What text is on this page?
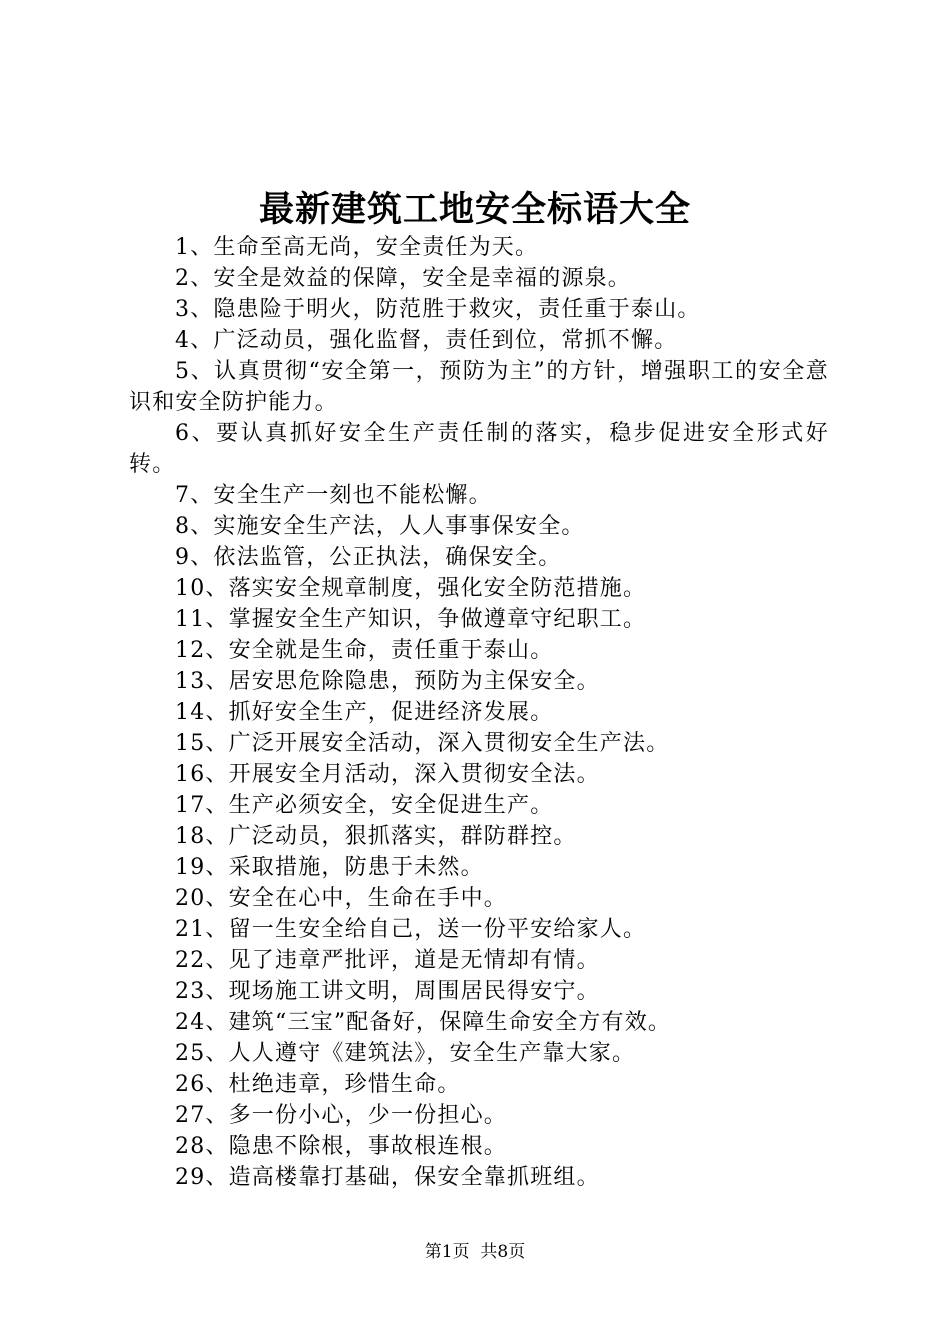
最新建筑工地安全标语大全

1、生命至高无尚，安全责任为天。

2、安全是效益的保障，安全是幸福的源泉。

3、隐患险于明火，防范胜于救灾，责任重于泰山。

4、广泛动员，强化监督，责任到位，常抓不懈。

5、认真贯彻“安全第一，预防为主”的方针，增强职工的安全意识和安全防护能力。

6、要认真抓好安全生产责任制的落实，稳步促进安全形式好转。

7、安全生产一刻也不能松懈。

8、实施安全生产法，人人事事保安全。

9、依法监管，公正执法，确保安全。

10、落实安全规章制度，强化安全防范措施。

11、掌握安全生产知识，争做遵章守纪职工。

12、安全就是生命，责任重于泰山。

13、居安思危除隐患，预防为主保安全。

14、抓好安全生产，促进经济发展。

15、广泛开展安全活动，深入贯彻安全生产法。

16、开展安全月活动，深入贯彻安全法。

17、生产必须安全，安全促进生产。

18、广泛动员，狠抓落实，群防群控。

19、采取措施，防患于未然。

20、安全在心中，生命在手中。

21、留一生安全给自己，送一份平安给家人。

22、见了违章严批评，道是无情却有情。

23、现场施工讲文明，周围居民得安宁。

24、建筑“三宝”配备好，保障生命安全方有效。

25、人人遵守《建筑法》，安全生产靠大家。

26、杜绝违章，珍惜生命。

27、多一份小心，少一份担心。

28、隐患不除根，事故根连根。

29、造高楼靠打基础，保安全靠抓班组。

第1页 共8页
